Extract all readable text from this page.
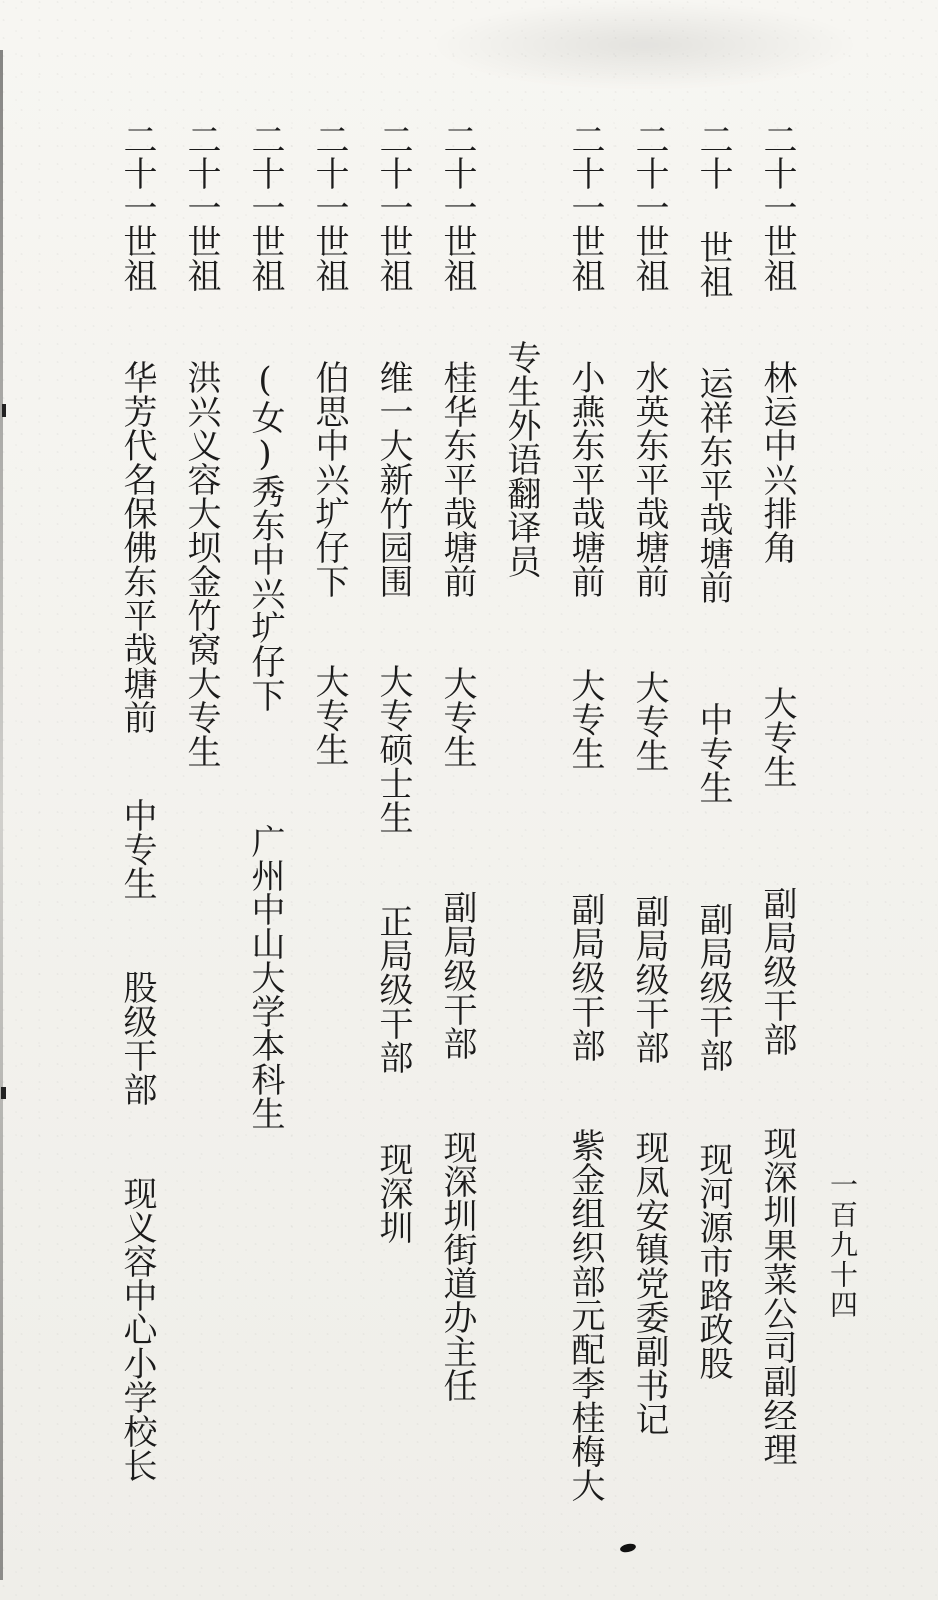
二十一世祖 林运中兴排角 大专生 副局级干部 现深圳果菜公司副经理
二十 世祖 运祥东平哉塘前 中专生 副局级干部 现河源市路政股
二十一世祖 水英东平哉塘前 大专生 副局级干部 现凤安镇党委副书记
二十一世祖 小燕东平哉塘前 大专生 副局级干部 紫金组织部元配李桂梅大
专生外语翻译员
二十一世祖 桂华东平哉塘前 大专生 副局级干部 现深圳街道办主任
二十一世祖 维一大新竹园围 大专硕士生 正局级干部 现深圳
二十一世祖 伯思中兴圹仔下 大专生
二十一世祖 (女)秀东中兴圹仔下 广州中山大学本科生
二十一世祖 洪兴义容大坝金竹窝大专生
二十一世祖 华芳代名保佛东平哉塘前 中专生 股级干部 现义容中心小学校长	一百九十四
